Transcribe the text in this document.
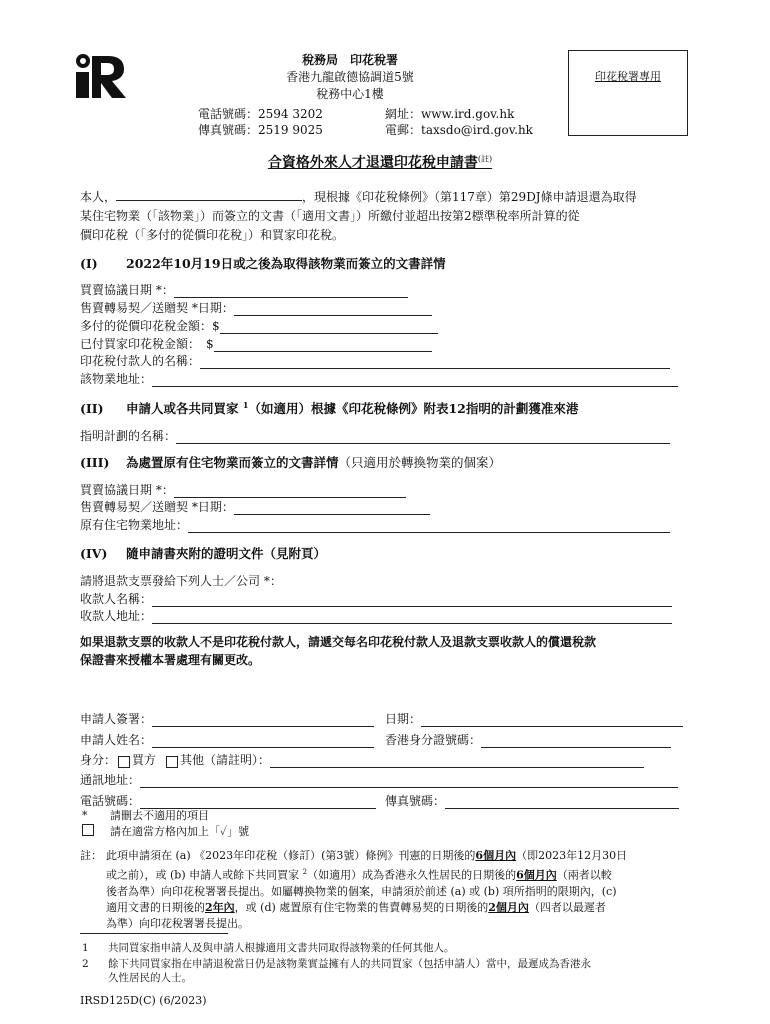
稅務局　印花稅署
香港九龍啟德協調道5號
稅務中心1樓
電話號碼：2594 3202
傳真號碼：2519 9025
網址：www.ird.gov.hk
電郵：taxsdo@ird.gov.hk
印花稅署專用
合資格外來人才退還印花稅申請書$^{(註)}$
本人，	，現根據《印花稅條例》（第117章）第29DJ條申請退還為取得
某住宅物業（「該物業」）而簽立的文書（「適用文書」）所繳付並超出按第2標準稅率所計算的從
價印花稅（「多付的從價印花稅」）和買家印花稅。
(I) 2022年10月19日或之後為取得該物業而簽立的文書詳情
買賣協議日期 *：
售賣轉易契／送贈契 *日期：
多付的從價印花稅金額：$
已付買家印花稅金額：　$
印花稅付款人的名稱：
該物業地址：
(II) 申請人或各共同買家 $^1$（如適用）根據《印花稅條例》附表12指明的計劃獲准來港
指明計劃的名稱：
(III) 為處置原有住宅物業而簽立的文書詳情（只適用於轉換物業的個案）
買賣協議日期 *：
售賣轉易契／送贈契 *日期：
原有住宅物業地址：
(IV) 隨申請書夾附的證明文件（見附頁）
請將退款支票發給下列人士／公司 *：
收款人名稱：
收款人地址：
如果退款支票的收款人不是印花稅付款人，請遞交每名印花稅付款人及退款支票收款人的償還稅款
保證書來授權本署處理有關更改。
申請人簽署：	日期：
申請人姓名：	香港身分證號碼：
身分： 買方 其他（請註明）：
通訊地址：
電話號碼：	傳真號碼：
* 請刪去不適用的項目
請在適當方格內加上「✓」號
註： 此項申請須在 (a) 《2023年印花稅（修訂）(第3號）條例》刊憲的日期後的6個月內（即2023年12月30日
或之前），或 (b) 申請人或餘下共同買家 $^2$（如適用）成為香港永久性居民的日期後的6個月內（兩者以較
後者為準）向印花稅署署長提出。如屬轉換物業的個案，申請須於前述 (a) 或 (b) 項所指明的限期內，(c)
適用文書的日期後的2年內，或 (d) 處置原有住宅物業的售賣轉易契的日期後的2個月內（四者以最遲者
為準）向印花稅署署長提出。
1 共同買家指申請人及與申請人根據適用文書共同取得該物業的任何其他人。
2 餘下共同買家指在申請退稅當日仍是該物業實益擁有人的共同買家（包括申請人）當中，最遲成為香港永
久性居民的人士。
IRSD125D(C) (6/2023)
